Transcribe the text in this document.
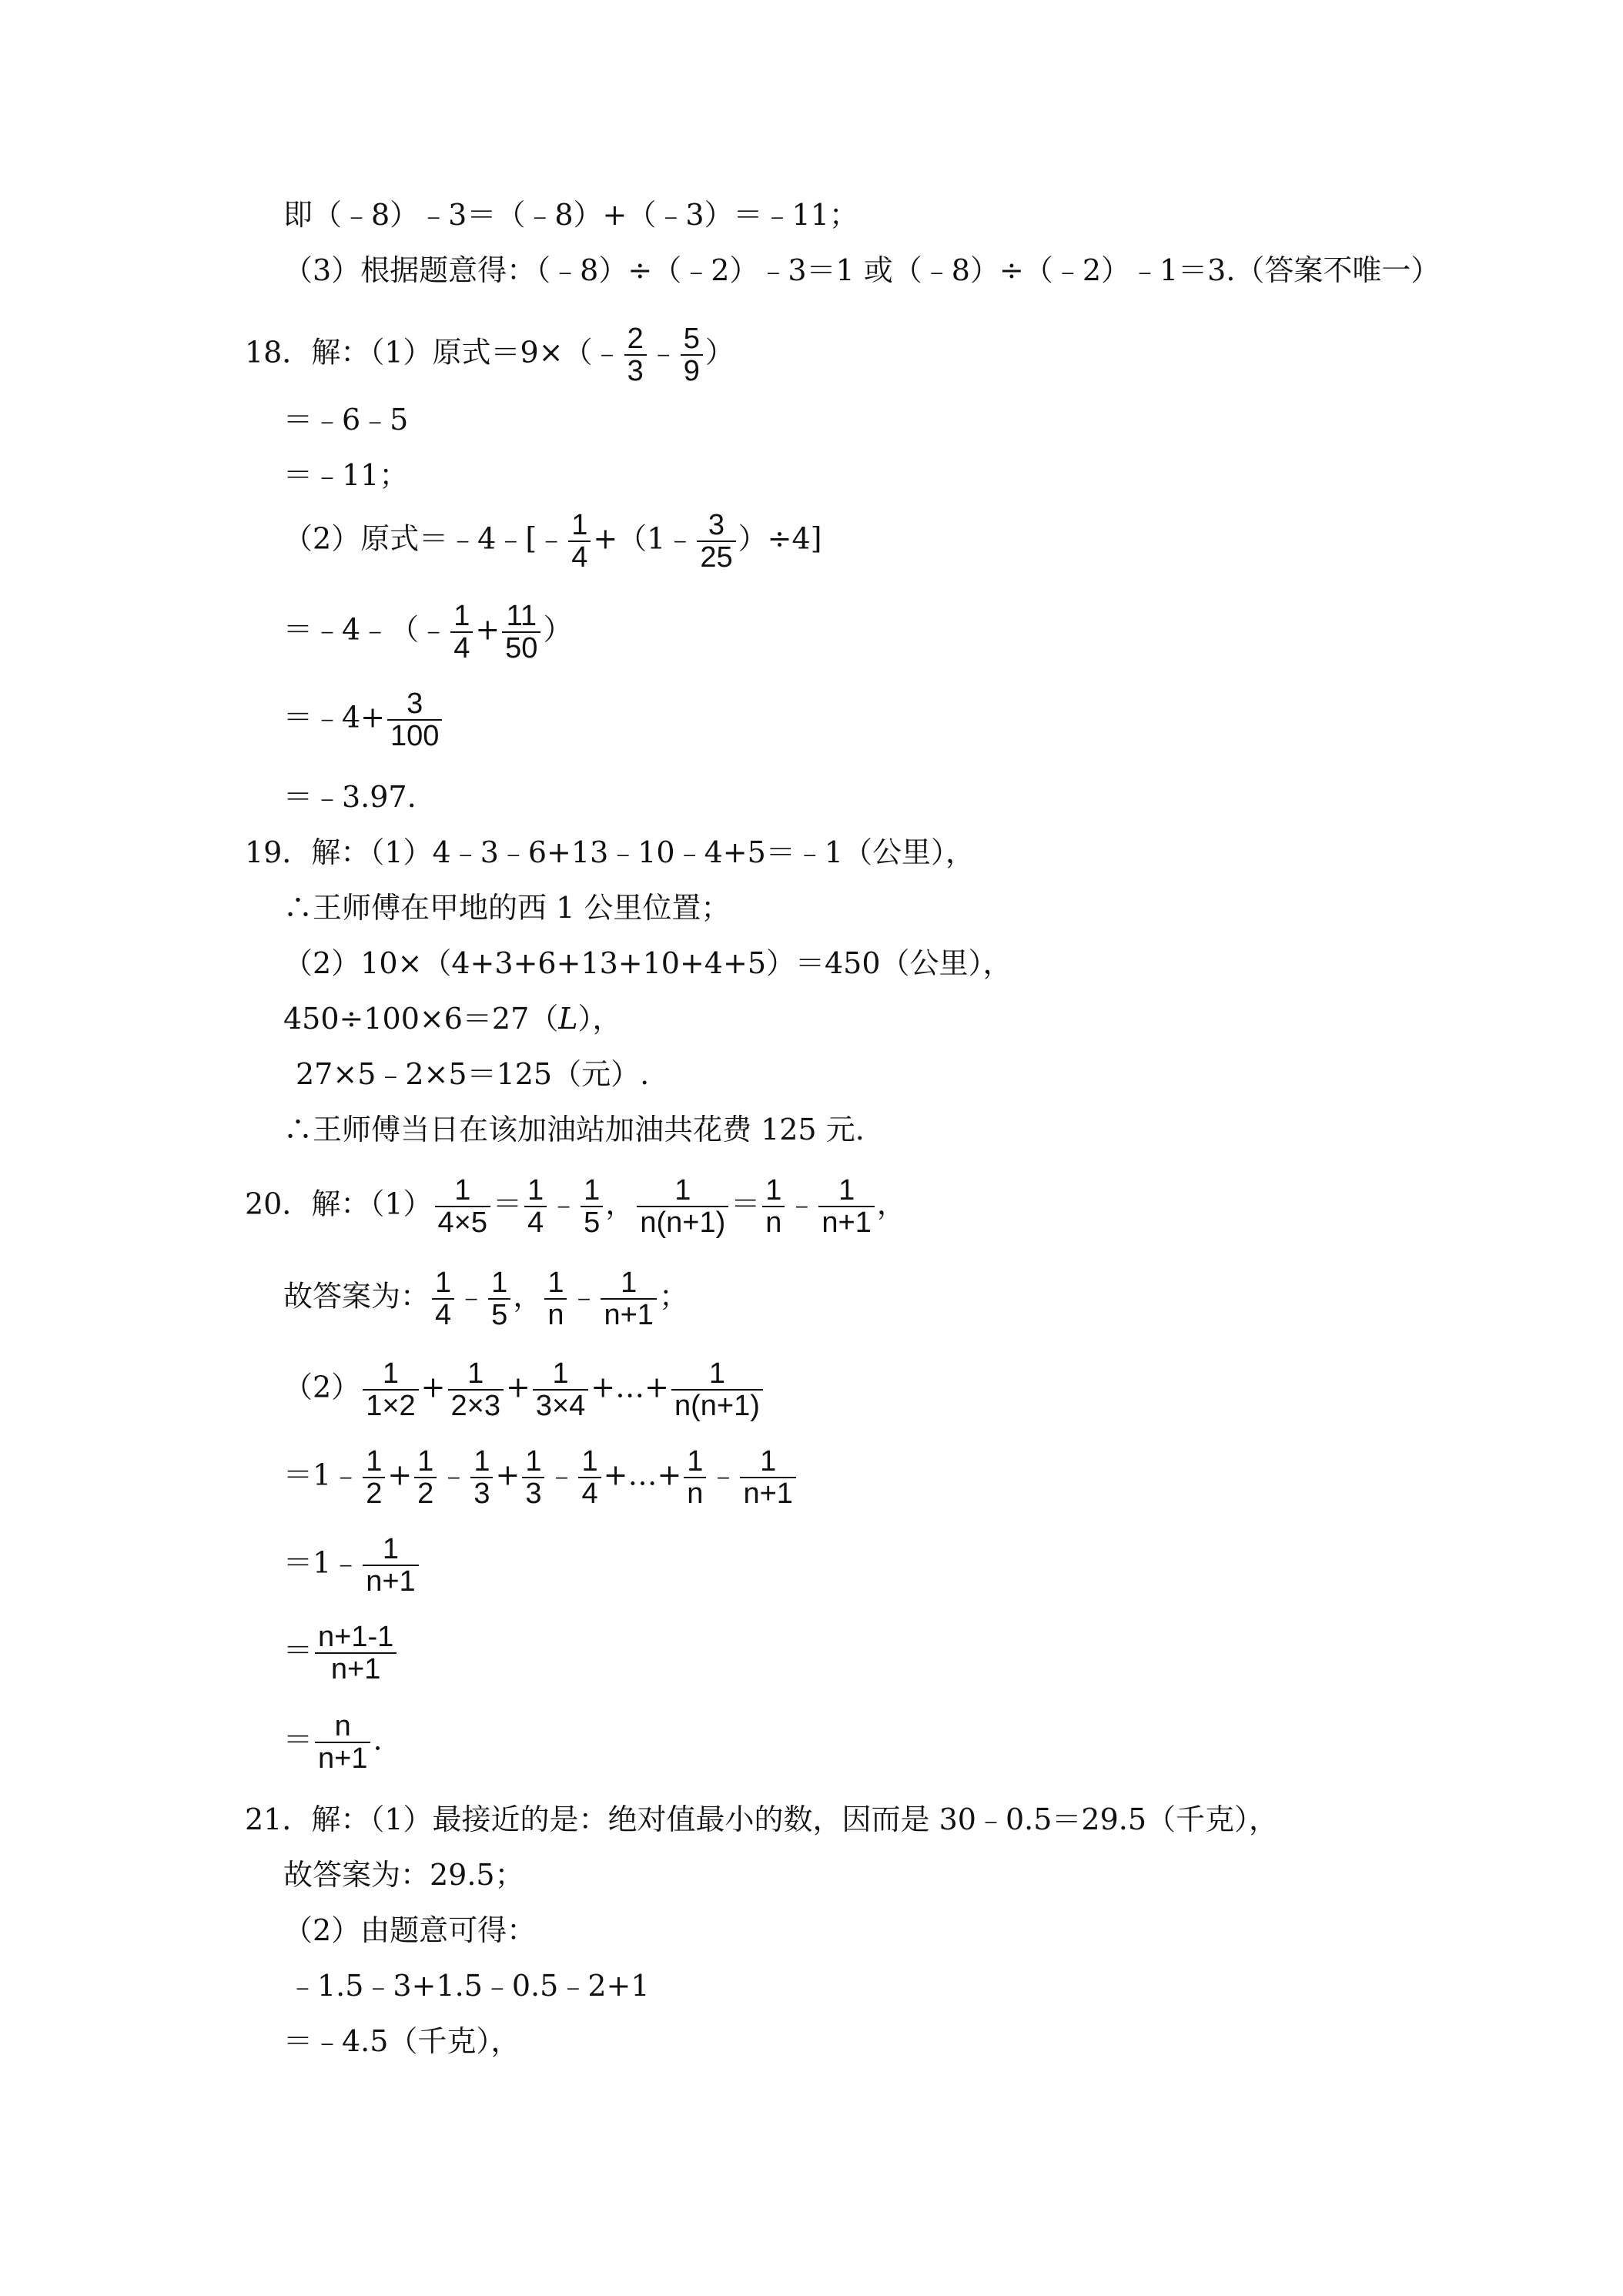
即（﹣8）﹣3＝（﹣8）+（﹣3）＝﹣11；
（3）根据题意得：（﹣8）÷（﹣2）﹣3＝1 或（﹣8）÷（﹣2）﹣1＝3.（答案不唯一）
18．解：（1）原式＝9×（﹣ $\frac{2}{3}$ ﹣ $\frac{5}{9}$ ）
＝﹣6﹣5
＝﹣11；
（2）原式＝﹣4﹣[﹣ $\frac{1}{4}$ +（1﹣ $\frac{3}{25} )\div 4$]
＝﹣4﹣（﹣ $\frac{1}{4} + \frac{11}{50}$ ）
＝﹣4+ $\frac{3}{100}$
＝﹣3.97.
19．解：（1）4﹣3﹣6+13﹣10﹣4+5＝﹣1（公里），
∴王师傅在甲地的西 1 公里位置；
（2）10×（4+3+6+13+10+4+5）＝450（公里），
450÷100×6＝27（L），
27×5﹣2×5＝125（元）.
∴王师傅当日在该加油站加油共花费 125 元.
20．解：$(1) \frac{1}{4\times 5} = \frac{1}{4}$ ﹣ $\frac{1}{5}$ ， $\frac{1}{n(n+1)} = \frac{1}{n}$ ﹣ $\frac{1}{n+1}$ ，
故答案为： $\frac{1}{4}$ ﹣ $\frac{1}{5}$ ， $\frac{1}{n}$ ﹣ $\frac{1}{n+1}$ ；
$(2) \frac{1}{1\times 2} + \frac{1}{2\times 3} + \frac{1}{3\times 4}$ +…+ $\frac{1}{n(n+1)}$
＝1﹣ $\frac{1}{2} + \frac{1}{2}$ ﹣ $\frac{1}{3} + \frac{1}{3}$ ﹣ $\frac{1}{4}$ +…+ $\frac{1}{n}$ ﹣ $\frac{1}{n+1}$
＝1﹣ $\frac{1}{n+1}$
＝ $\frac{n+1-1}{n+1}$
＝ $\frac{n}{n+1}$ .
21．解：（1）最接近的是：绝对值最小的数，因而是 30﹣0.5＝29.5（千克），
故答案为：29.5；
（2）由题意可得：
﹣1.5﹣3+1.5﹣0.5﹣2+1
＝﹣4.5（千克），
